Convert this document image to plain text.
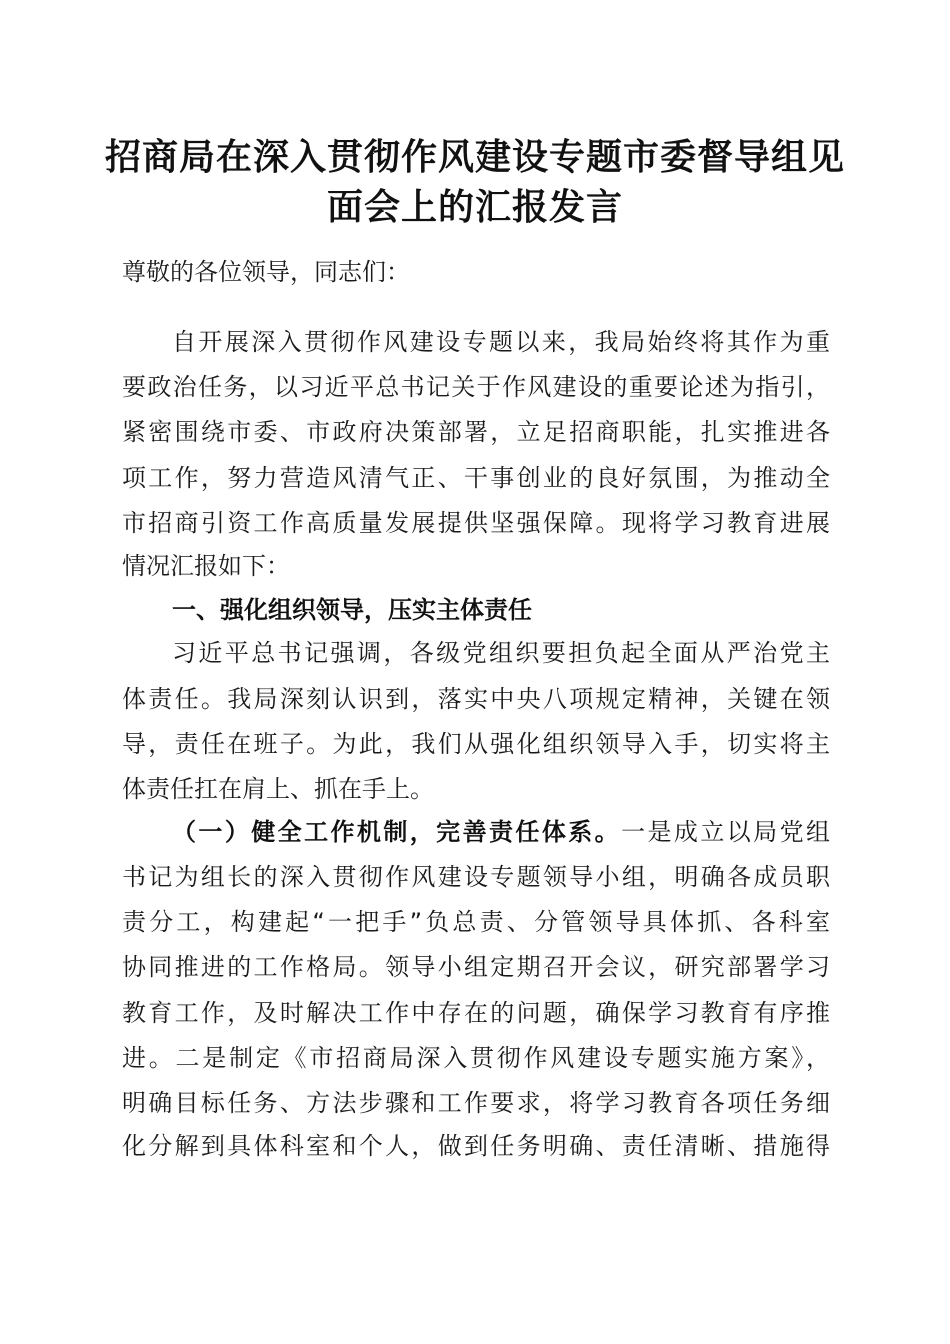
招商局在深入贯彻作风建设专题市委督导组见
面会上的汇报发言

尊敬的各位领导，同志们：

自开展深入贯彻作风建设专题以来，我局始终将其作为重

要政治任务，以习近平总书记关于作风建设的重要论述为指引，

紧密围绕市委、市政府决策部署，立足招商职能，扎实推进各

项工作，努力营造风清气正、干事创业的良好氛围，为推动全

市招商引资工作高质量发展提供坚强保障。现将学习教育进展

情况汇报如下：

一、强化组织领导，压实主体责任

习近平总书记强调，各级党组织要担负起全面从严治党主

体责任。我局深刻认识到，落实中央八项规定精神，关键在领

导，责任在班子。为此，我们从强化组织领导入手，切实将主

体责任扛在肩上、抓在手上。

（一）健全工作机制，完善责任体系。一是成立以局党组

书记为组长的深入贯彻作风建设专题领导小组，明确各成员职

责分工，构建起“一把手”负总责、分管领导具体抓、各科室

协同推进的工作格局。领导小组定期召开会议，研究部署学习

教育工作，及时解决工作中存在的问题，确保学习教育有序推

进。二是制定《市招商局深入贯彻作风建设专题实施方案》，

明确目标任务、方法步骤和工作要求，将学习教育各项任务细

化分解到具体科室和个人，做到任务明确、责任清晰、措施得
